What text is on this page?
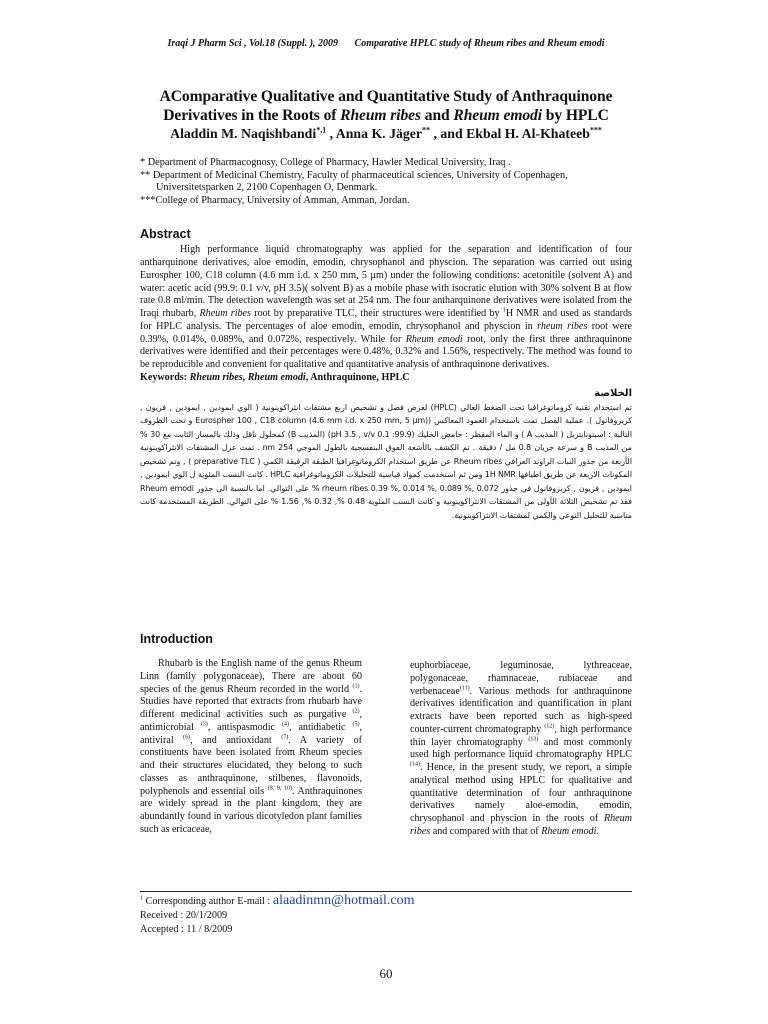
Iraqi J Pharm Sci , Vol.18 (Suppl. ), 2009 Comparative HPLC study of Rheum ribes and Rheum emodi
AComparative Qualitative and Quantitative Study of Anthraquinone Derivatives in the Roots of Rheum ribes and Rheum emodi by HPLC
Aladdin M. Naqishbandi$^{*,1}$ , Anna K. Jäger** , and Ekbal H. Al-Khateeb***
* Department of Pharmacognosy, College of Pharmacy, Hawler Medical University, Iraq .
** Department of Medicinal Chemistry, Faculty of pharmaceutical sciences, University of Copenhagen,
Universitetsparken 2, 2100 Copenhagen O, Denmark.
***College of Pharmacy, University of Amman, Amman, Jordan.
Abstract
High performance liquid chromatography was applied for the separation and identification of four antharquinone derivatives, aloe emodin, emodin, chrysophanol and physcion. The separation was carried out using Eurospher 100, C18 column (4.6 mm i.d. x 250 mm, 5 µm) under the following conditions: acetonitile (solvent A) and water: acetic acid (99.9: 0.1 v/v, pH 3.5)( solvent B) as a mobile phase with isocratic elution with 30% solvent B at flow rate 0.8 ml/min. The detection wavelength was set at 254 nm. The four antharquinone derivatives were isolated from the Iraqi rhubarb, Rheum ribes root by preparative TLC, their structures were identified by $^1$H NMR and used as standards for HPLC analysis. The percentages of aloe emodin, emodin, chrysophanol and physcion in rheum ribes root were 0.39%, 0.014%, 0.089%, and 0.072%, respectively. While for Rheum emodi root, only the first three anthraquinone derivatives were identified and their percentages were 0.48%, 0.32% and 1.56%, respectively. The method was found to be reproducible and convenient for qualitative and quantitative analysis of anthraquinone derivatives.
Keywords: Rheum ribes, Rheum emodi, Anthraquinone, HPLC
الخلاصة
تم استخدام تقنية كروماتوغرافيا تحت الضغط العالي (HPLC) لغرض فصل و تشخيص اربع مشتقات انثراكوينونية ( الوي ايمودين , ايمودين , فزيون , كريزوفانول ). عملية الفصل تمت باستخدام العمود المعاكس (Eurospher 100 , C18 column (4.6 mm i.d. x 250 mm, 5 µm) و تحت الظروف التالية : اسيتونايتريل ( المذيب A ) و الماء المقطر : حامض الخليك (pH 3.5 , v/v 0.1 :99.9) (المذيب B) كمحلول ناقل وذلك بالمسار الثابت مع 30 % من المذيب B و سرعة جريان 0.8 مل / دقيقة . تم الكشف بالأشعة الفوق البنفسجية بالطول الموجي 254 nm . تمت عزل المشتقات الانثراكوينونية الأربعة من جذور النبات الراوند العراقي Rheum ribes عن طريق استخدام الكروماتوغرافيا الطبقة الرقيقة الكمي ( preparative TLC ) , وتم تشخيص المكونات الاربعة عن طريق اطيافها 1H NMR ومن ثم استخدمت كمواد قياسية للتحليلات الكروماتوغرافية HPLC . كانت النسب المئوية ل الوي ايمودين , ايمودين , فزيون , كريزوفانول في جذور rheum ribes 0.39 %, 0.014 %, 0.089 %, 0.072 % على التوالي. اما بالنسبة الى جذور Rheum emodi فقد تم تشخيص الثلاثة الأولى من المشتقات الانثراكوينونية و كانت النسب المئوية 0.48 %, 0.32 %, 1.56 % على التوالي. الطريقة المستخدمة كانت مناسبة للتحليل النوعي والكمي لمشتقات الانثراكوينونية.
Introduction
Rhubarb is the English name of the genus Rheum Linn (family polygonaceae), There are about 60 species of the genus Rheum recorded in the world $^{(1)}$. Studies have reported that extracts from rhubarb have different medicinal activities such as purgative $^{(2)}$, antimicrobial $^{(3)}$, antispasmodic $^{(4)}$, antidiabetic $^{(5)}$, antiviral $^{(6)}$, and antioxidant $^{(7)}$. A variety of constituents have been isolated from Rheum species and their structures elucidated, they belong to such classes as anthraquinone, stilbenes, flavonoids, polyphenols and essential oils $^{(8, 9, 10)}$. Anthraquinones are widely spread in the plant kingdom, they are abundantly found in various dicotyledon plant families such as ericaceae,
euphorbiaceae, leguminosae, lythreaceae, polygonaceae, rhamnaceae, rubiaceae and verbenaceae$^{(11)}$. Various methods for anthraquinone derivatives identification and quantification in plant extracts have been reported such as high-speed counter-current chromatography $^{(12)}$, high performance thin layer chromatography $^{(13)}$ and most commonly used high performance liquid chromatography HPLC $^{(14)}$. Hence, in the present study, we report, a simple analytical method using HPLC for qualitative and quantitative determination of four anthraquinone derivatives namely aloe-emodin, emodin, chrysophanol and physcion in the roots of Rheum ribes and compared with that of Rheum emodi.
$^1$ Corresponding author E-mail : alaadinmn@hotmail.com
Received : 20/1/2009
Accepted : 11 / 8/2009
60
